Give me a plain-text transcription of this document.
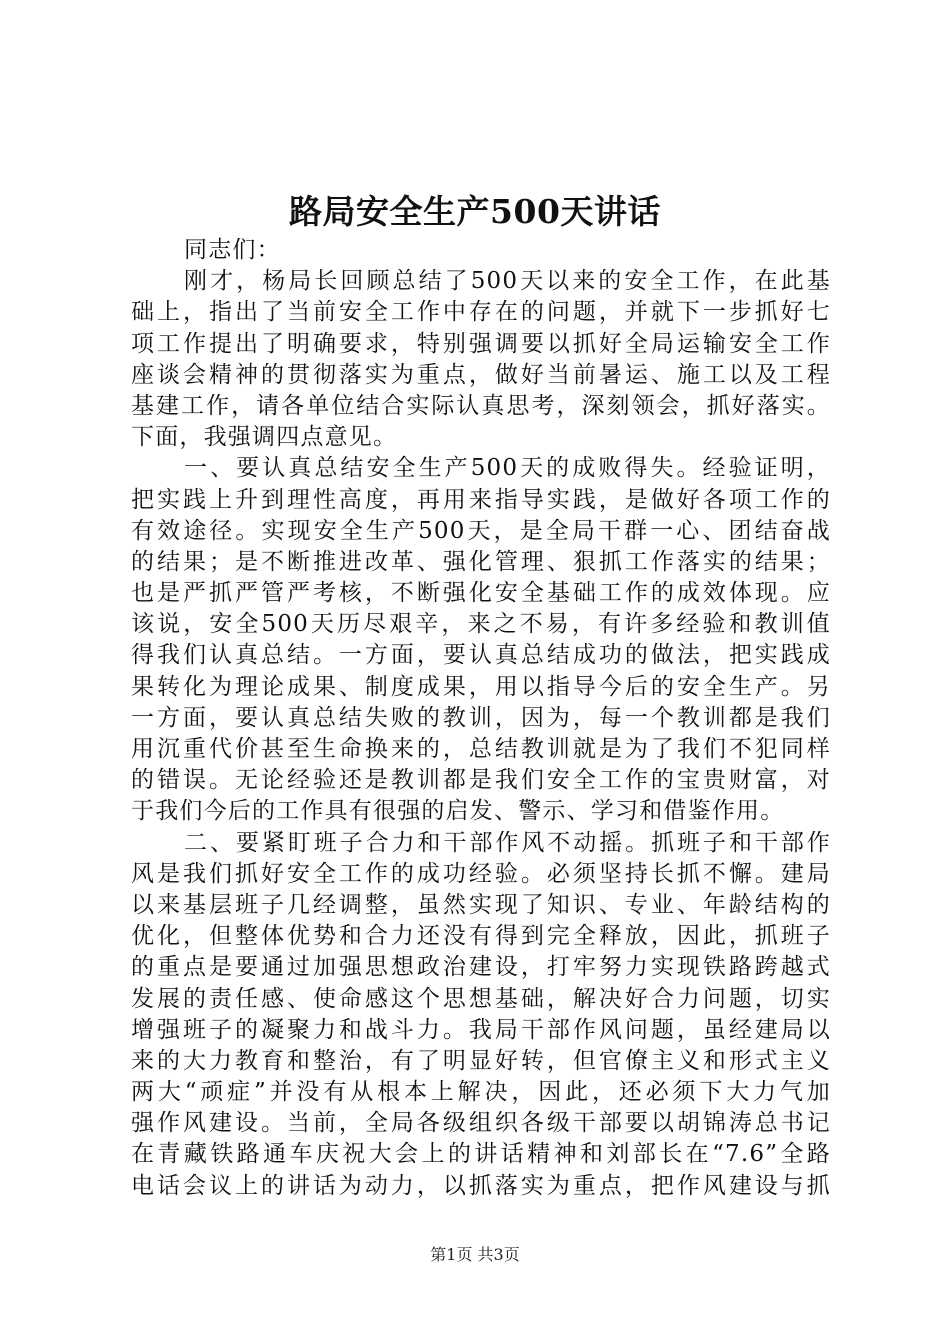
路局安全生产500天讲话
同志们：
刚才，杨局长回顾总结了500天以来的安全工作，在此基
础上，指出了当前安全工作中存在的问题，并就下一步抓好七
项工作提出了明确要求，特别强调要以抓好全局运输安全工作
座谈会精神的贯彻落实为重点，做好当前暑运、施工以及工程
基建工作，请各单位结合实际认真思考，深刻领会，抓好落实。
下面，我强调四点意见。
一、要认真总结安全生产500天的成败得失。经验证明，
把实践上升到理性高度，再用来指导实践，是做好各项工作的
有效途径。实现安全生产500天，是全局干群一心、团结奋战
的结果；是不断推进改革、强化管理、狠抓工作落实的结果；
也是严抓严管严考核，不断强化安全基础工作的成效体现。应
该说，安全500天历尽艰辛，来之不易，有许多经验和教训值
得我们认真总结。一方面，要认真总结成功的做法，把实践成
果转化为理论成果、制度成果，用以指导今后的安全生产。另
一方面，要认真总结失败的教训，因为，每一个教训都是我们
用沉重代价甚至生命换来的，总结教训就是为了我们不犯同样
的错误。无论经验还是教训都是我们安全工作的宝贵财富，对
于我们今后的工作具有很强的启发、警示、学习和借鉴作用。
二、要紧盯班子合力和干部作风不动摇。抓班子和干部作
风是我们抓好安全工作的成功经验。必须坚持长抓不懈。建局
以来基层班子几经调整，虽然实现了知识、专业、年龄结构的
优化，但整体优势和合力还没有得到完全释放，因此，抓班子
的重点是要通过加强思想政治建设，打牢努力实现铁路跨越式
发展的责任感、使命感这个思想基础，解决好合力问题，切实
增强班子的凝聚力和战斗力。我局干部作风问题，虽经建局以
来的大力教育和整治，有了明显好转，但官僚主义和形式主义
两大“顽症”并没有从根本上解决，因此，还必须下大力气加
强作风建设。当前，全局各级组织各级干部要以胡锦涛总书记
在青藏铁路通车庆祝大会上的讲话精神和刘部长在“7.6”全路
电话会议上的讲话为动力，以抓落实为重点，把作风建设与抓
第1页 共3页
